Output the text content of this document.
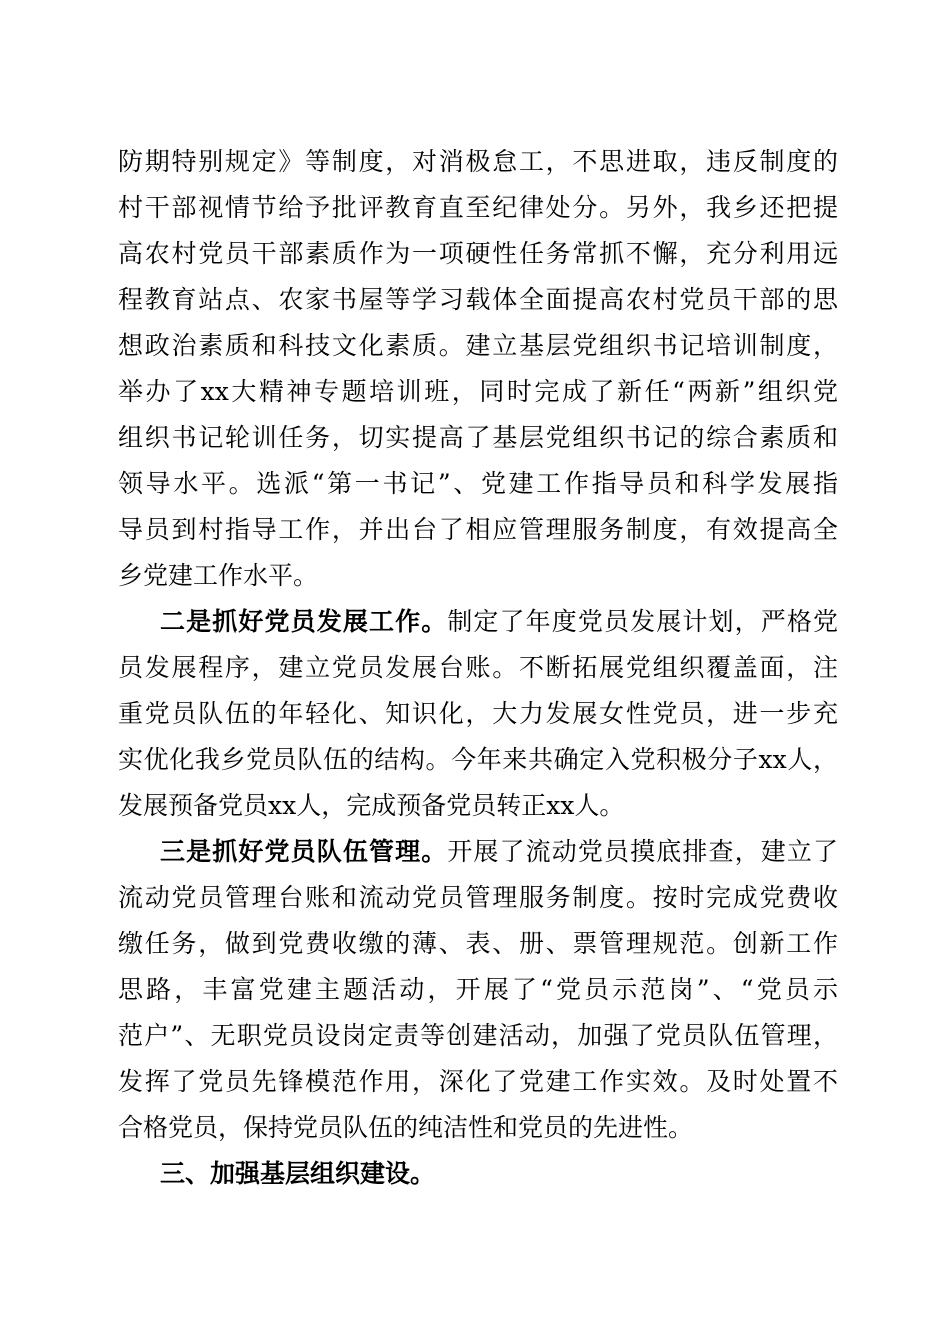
防期特别规定》等制度，对消极怠工，不思进取，违反制度的
村干部视情节给予批评教育直至纪律处分。另外，我乡还把提
高农村党员干部素质作为一项硬性任务常抓不懈，充分利用远
程教育站点、农家书屋等学习载体全面提高农村党员干部的思
想政治素质和科技文化素质。建立基层党组织书记培训制度，
举办了xx大精神专题培训班，同时完成了新任“两新”组织党
组织书记轮训任务，切实提高了基层党组织书记的综合素质和
领导水平。选派“第一书记”、党建工作指导员和科学发展指
导员到村指导工作，并出台了相应管理服务制度，有效提高全
乡党建工作水平。
二是抓好党员发展工作。制定了年度党员发展计划，严格党
员发展程序，建立党员发展台账。不断拓展党组织覆盖面，注
重党员队伍的年轻化、知识化，大力发展女性党员，进一步充
实优化我乡党员队伍的结构。今年来共确定入党积极分子xx人，
发展预备党员xx人，完成预备党员转正xx人。
三是抓好党员队伍管理。开展了流动党员摸底排查，建立了
流动党员管理台账和流动党员管理服务制度。按时完成党费收
缴任务，做到党费收缴的薄、表、册、票管理规范。创新工作
思路，丰富党建主题活动，开展了“党员示范岗”、“党员示
范户”、无职党员设岗定责等创建活动，加强了党员队伍管理，
发挥了党员先锋模范作用，深化了党建工作实效。及时处置不
合格党员，保持党员队伍的纯洁性和党员的先进性。
三、加强基层组织建设。
